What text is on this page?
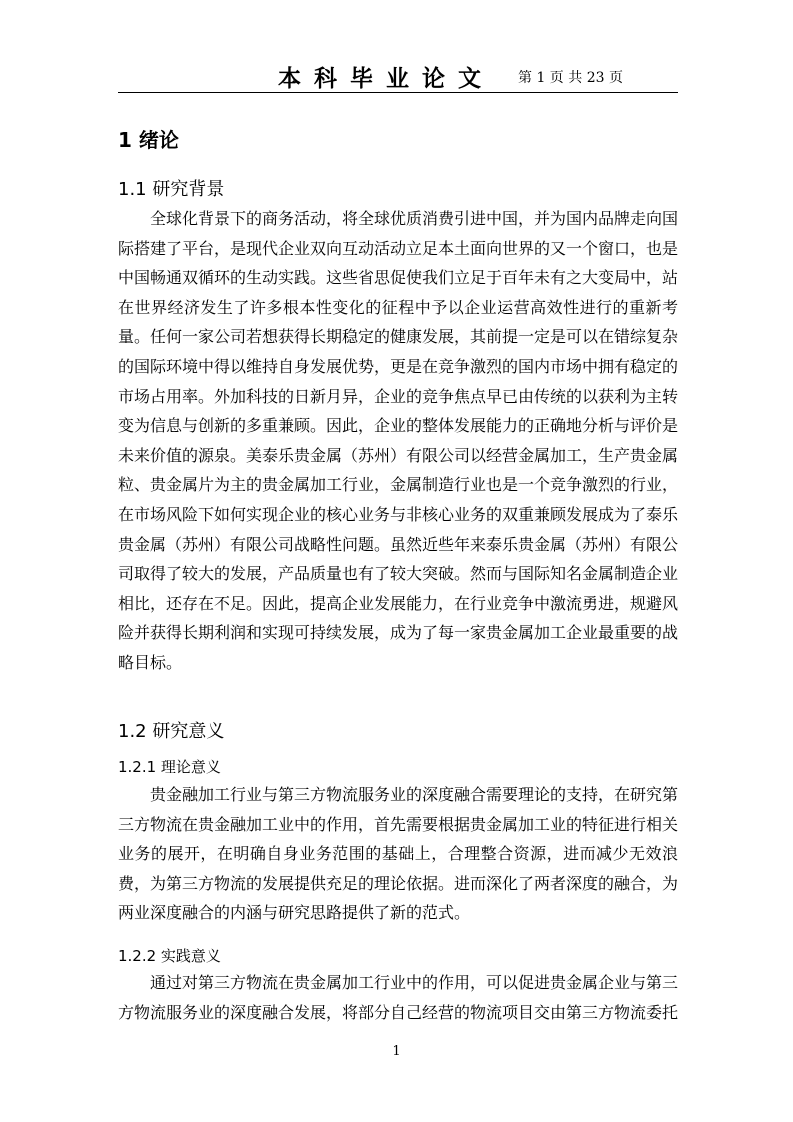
本科毕业论文 第 1 页 共 23 页
1 绪论
1.1 研究背景

全球化背景下的商务活动，将全球优质消费引进中国，并为国内品牌走向国际搭建了平台，是现代企业双向互动活动立足本土面向世界的又一个窗口，也是中国畅通双循环的生动实践。这些省思促使我们立足于百年未有之大变局中，站在世界经济发生了许多根本性变化的征程中予以企业运营高效性进行的重新考量。任何一家公司若想获得长期稳定的健康发展，其前提一定是可以在错综复杂的国际环境中得以维持自身发展优势，更是在竞争激烈的国内市场中拥有稳定的市场占用率。外加科技的日新月异，企业的竞争焦点早已由传统的以获利为主转变为信息与创新的多重兼顾。因此，企业的整体发展能力的正确地分析与评价是未来价值的源泉。美泰乐贵金属（苏州）有限公司以经营金属加工，生产贵金属粒、贵金属片为主的贵金属加工行业，金属制造行业也是一个竞争激烈的行业，在市场风险下如何实现企业的核心业务与非核心业务的双重兼顾发展成为了泰乐贵金属（苏州）有限公司战略性问题。虽然近些年来泰乐贵金属（苏州）有限公司取得了较大的发展，产品质量也有了较大突破。然而与国际知名金属制造企业相比，还存在不足。因此，提高企业发展能力，在行业竞争中激流勇进，规避风险并获得长期利润和实现可持续发展，成为了每一家贵金属加工企业最重要的战略目标。

1.2 研究意义
1.2.1 理论意义

贵金融加工行业与第三方物流服务业的深度融合需要理论的支持，在研究第三方物流在贵金融加工业中的作用，首先需要根据贵金属加工业的特征进行相关业务的展开，在明确自身业务范围的基础上，合理整合资源，进而减少无效浪费，为第三方物流的发展提供充足的理论依据。进而深化了两者深度的融合，为两业深度融合的内涵与研究思路提供了新的范式。

1.2.2 实践意义

通过对第三方物流在贵金属加工行业中的作用，可以促进贵金属企业与第三方物流服务业的深度融合发展，将部分自己经营的物流项目交由第三方物流委托

1
